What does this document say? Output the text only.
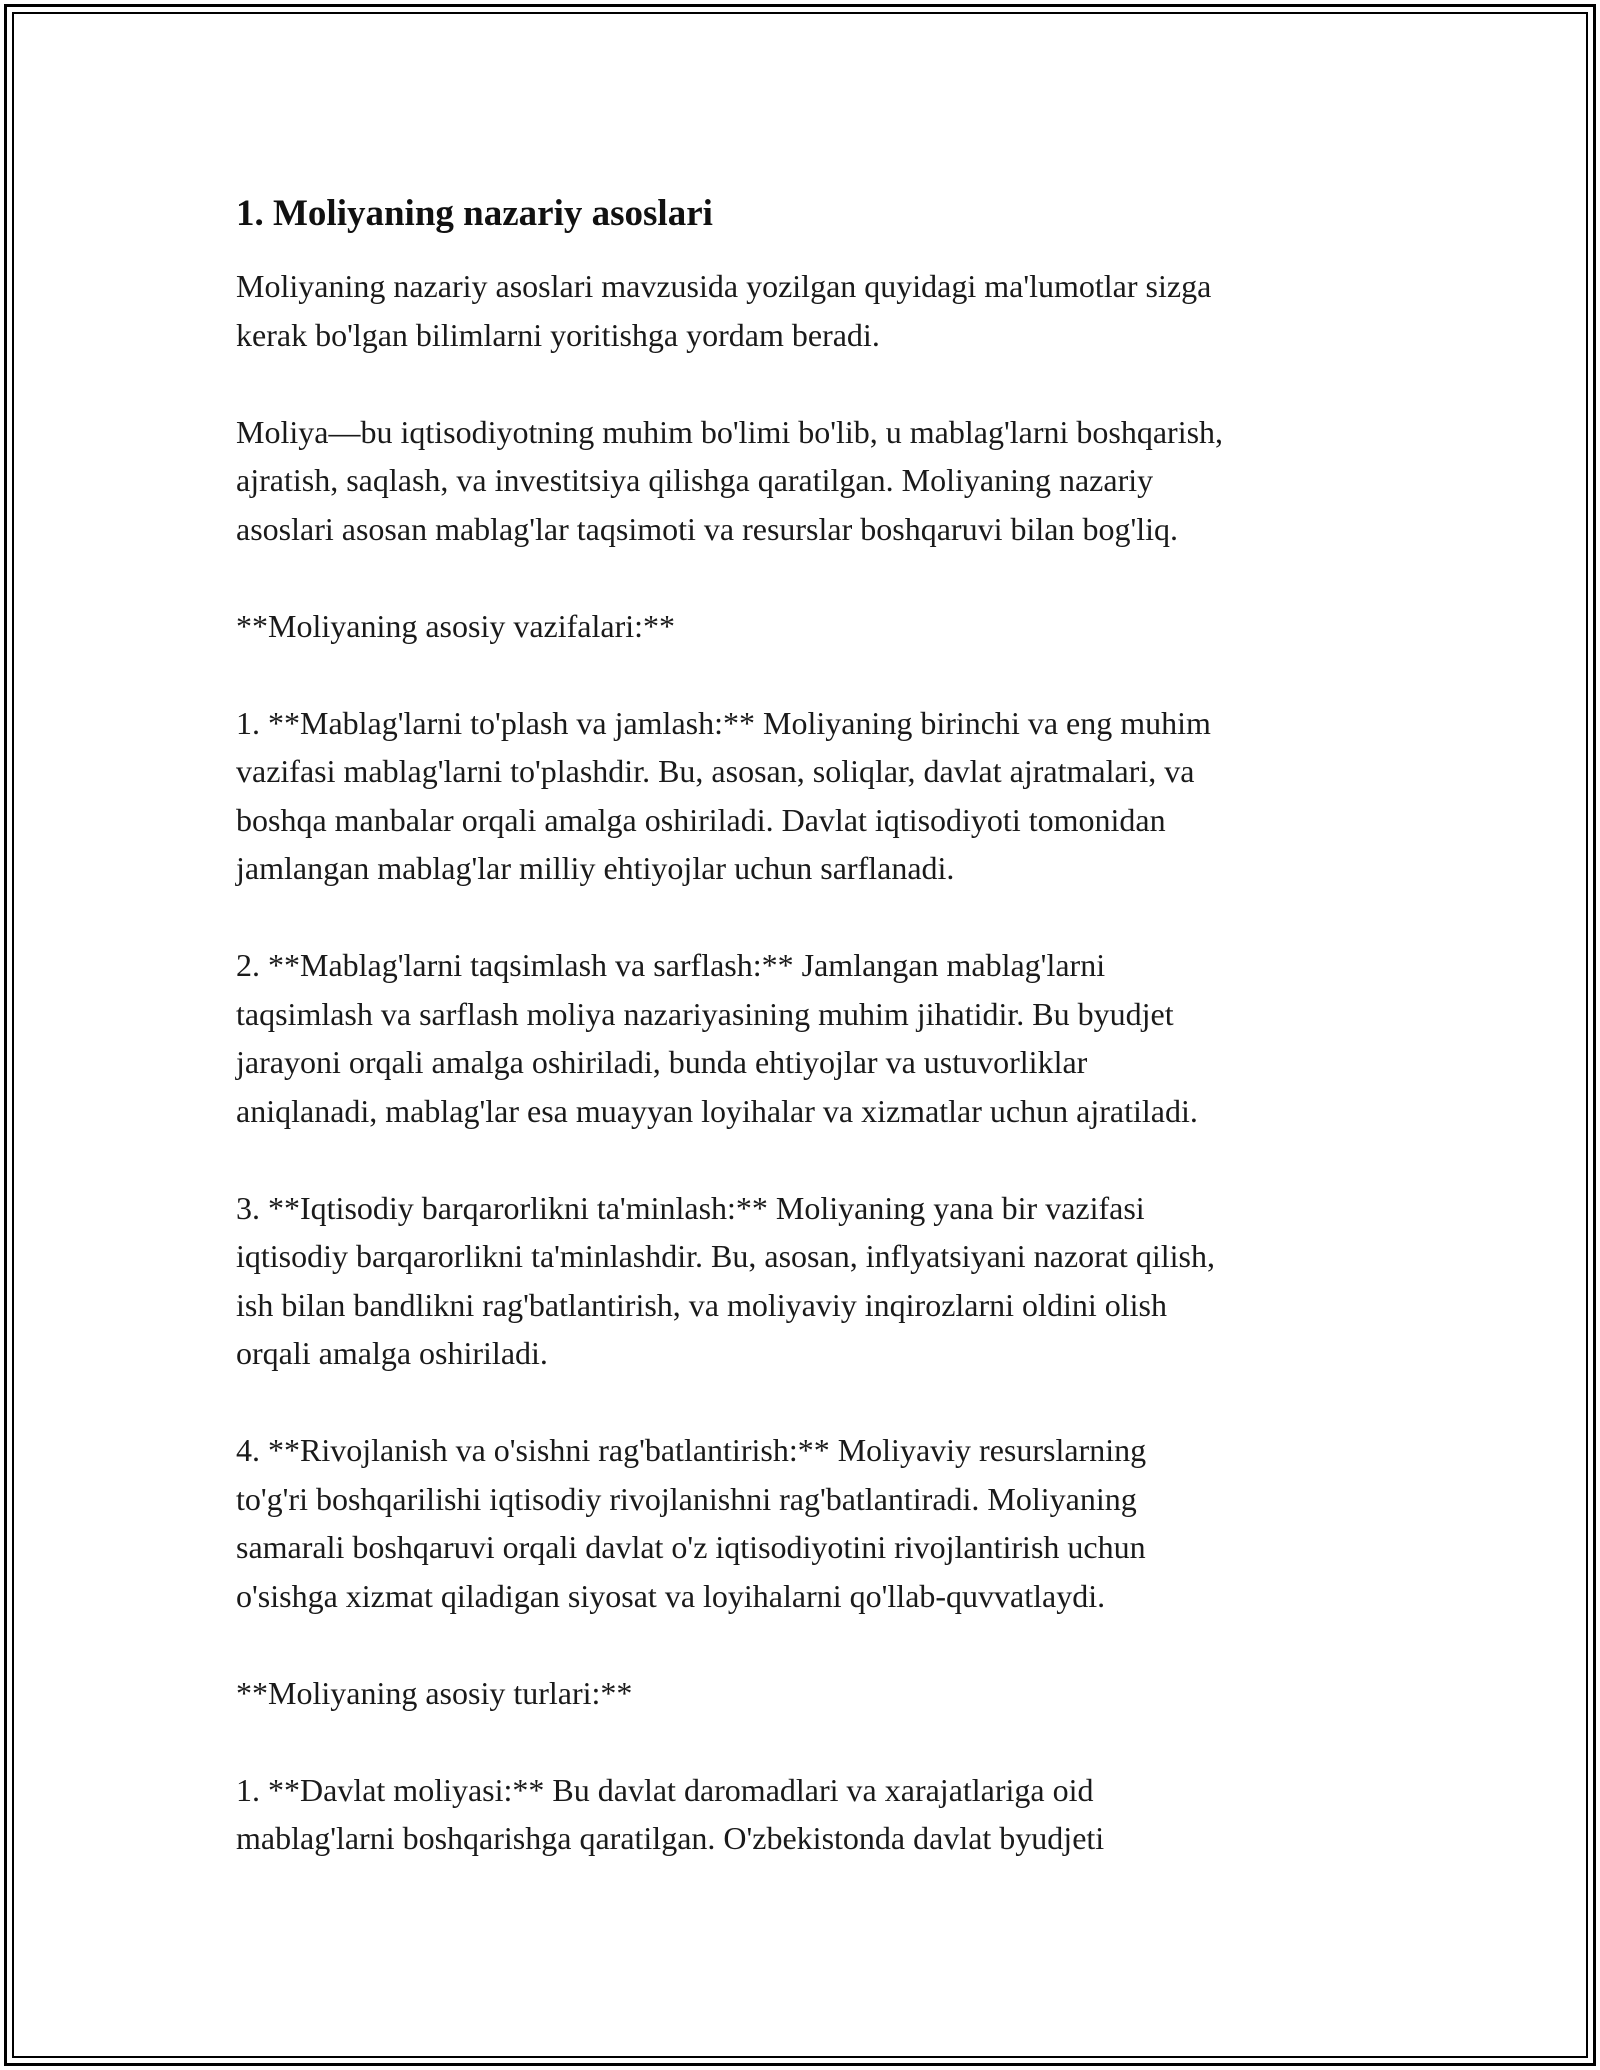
1. Moliyaning nazariy asoslari

Moliyaning nazariy asoslari mavzusida yozilgan quyidagi ma'lumotlar sizga
kerak bo'lgan bilimlarni yoritishga yordam beradi.

Moliya—bu iqtisodiyotning muhim bo'limi bo'lib, u mablag'larni boshqarish,
ajratish, saqlash, va investitsiya qilishga qaratilgan. Moliyaning nazariy
asoslari asosan mablag'lar taqsimoti va resurslar boshqaruvi bilan bog'liq.

**Moliyaning asosiy vazifalari:**

1. **Mablag'larni to'plash va jamlash:** Moliyaning birinchi va eng muhim
vazifasi mablag'larni to'plashdir. Bu, asosan, soliqlar, davlat ajratmalari, va
boshqa manbalar orqali amalga oshiriladi. Davlat iqtisodiyoti tomonidan
jamlangan mablag'lar milliy ehtiyojlar uchun sarflanadi.

2. **Mablag'larni taqsimlash va sarflash:** Jamlangan mablag'larni
taqsimlash va sarflash moliya nazariyasining muhim jihatidir. Bu byudjet
jarayoni orqali amalga oshiriladi, bunda ehtiyojlar va ustuvorliklar
aniqlanadi, mablag'lar esa muayyan loyihalar va xizmatlar uchun ajratiladi.

3. **Iqtisodiy barqarorlikni ta'minlash:** Moliyaning yana bir vazifasi
iqtisodiy barqarorlikni ta'minlashdir. Bu, asosan, inflyatsiyani nazorat qilish,
ish bilan bandlikni rag'batlantirish, va moliyaviy inqirozlarni oldini olish
orqali amalga oshiriladi.

4. **Rivojlanish va o'sishni rag'batlantirish:** Moliyaviy resurslarning
to'g'ri boshqarilishi iqtisodiy rivojlanishni rag'batlantiradi. Moliyaning
samarali boshqaruvi orqali davlat o'z iqtisodiyotini rivojlantirish uchun
o'sishga xizmat qiladigan siyosat va loyihalarni qo'llab-quvvatlaydi.

**Moliyaning asosiy turlari:**

1. **Davlat moliyasi:** Bu davlat daromadlari va xarajatlariga oid
mablag'larni boshqarishga qaratilgan. O'zbekistonda davlat byudjeti
